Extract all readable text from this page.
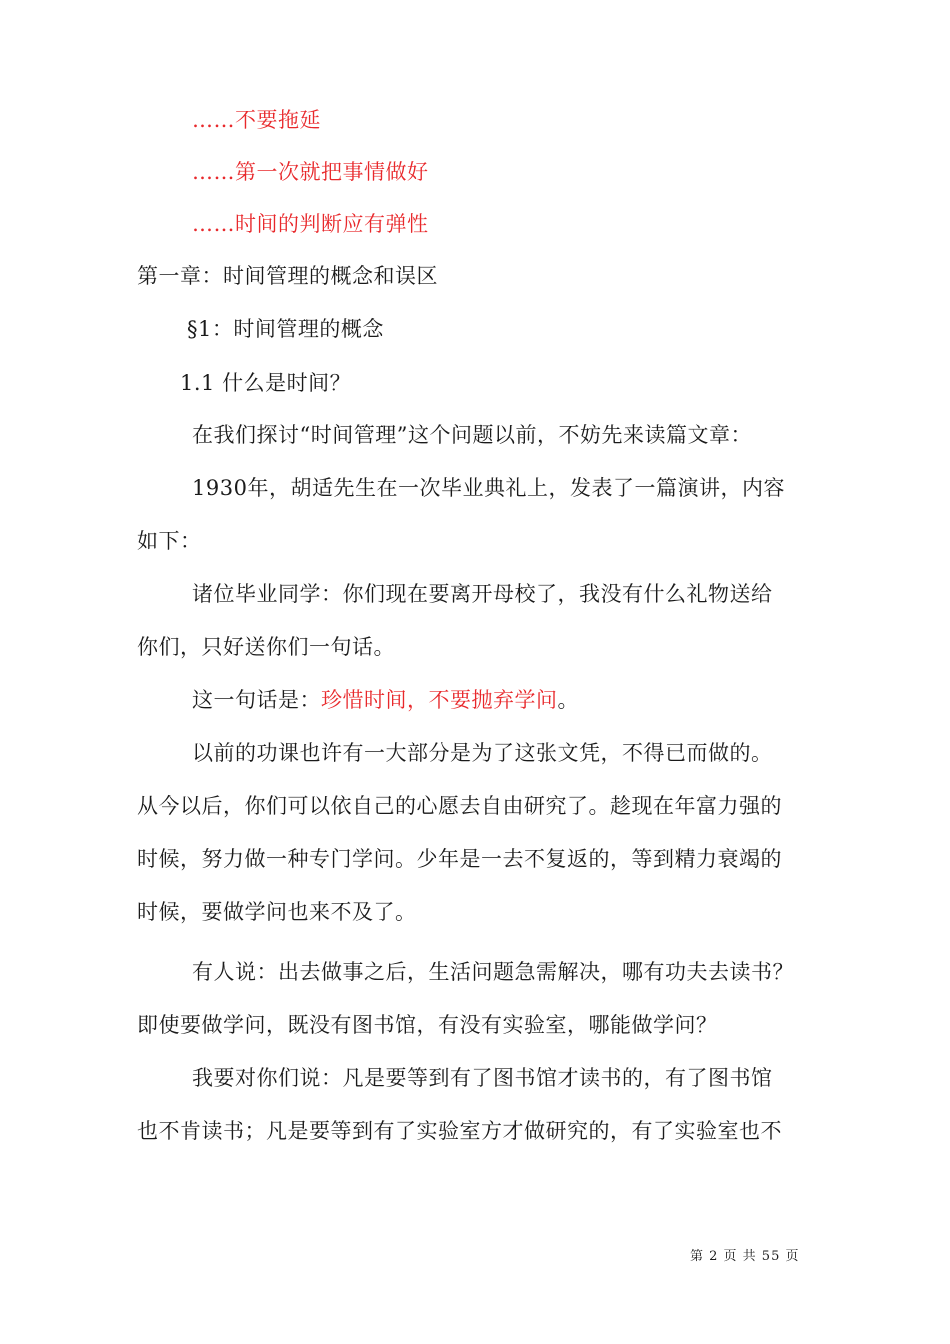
……不要拖延
……第一次就把事情做好
……时间的判断应有弹性
第一章：时间管理的概念和误区
§1：时间管理的概念
1.1 什么是时间？
在我们探讨“时间管理”这个问题以前，不妨先来读篇文章：
1930年，胡适先生在一次毕业典礼上，发表了一篇演讲，内容
如下：
诸位毕业同学：你们现在要离开母校了，我没有什么礼物送给
你们，只好送你们一句话。
这一句话是：珍惜时间，不要抛弃学问。
以前的功课也许有一大部分是为了这张文凭，不得已而做的。
从今以后，你们可以依自己的心愿去自由研究了。趁现在年富力强的
时候，努力做一种专门学问。少年是一去不复返的，等到精力衰竭的
时候，要做学问也来不及了。
有人说：出去做事之后，生活问题急需解决，哪有功夫去读书？
即使要做学问，既没有图书馆，有没有实验室，哪能做学问？
我要对你们说：凡是要等到有了图书馆才读书的，有了图书馆
也不肯读书；凡是要等到有了实验室方才做研究的，有了实验室也不
第 2 页 共 55 页
